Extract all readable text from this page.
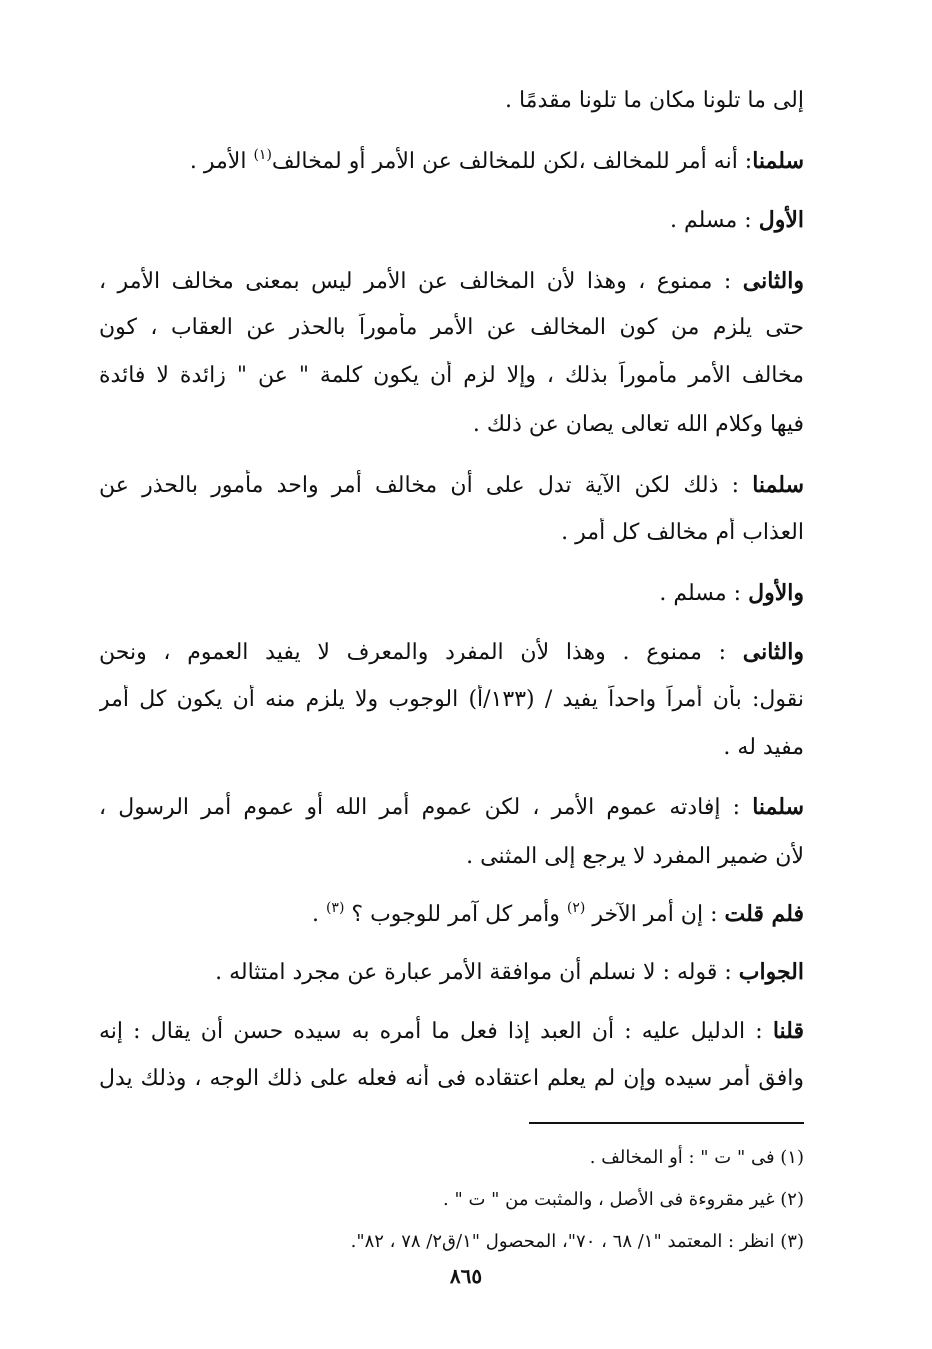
إلى ما تلونا مكان ما تلونا مقدمًا .
سلمنا: أنه أمر للمخالف ،لكن للمخالف عن الأمر أو لمخالف$^{(١)}$ الأمر .
الأول : مسلم .
والثانى : ممنوع ، وهذا لأن المخالف عن الأمر ليس بمعنى مخالف الأمر ،
حتى يلزم من كون المخالف عن الأمر مأموراً بالحذر عن العقاب ، كون
مخالف الأمر مأموراً بذلك ، وإلا لزم أن يكون كلمة " عن " زائدة لا فائدة
فيها وكلام الله تعالى يصان عن ذلك .
سلمنا : ذلك لكن الآية تدل على أن مخالف أمر واحد مأمور بالحذر عن
العذاب أم مخالف كل أمر .
والأول : مسلم .
والثانى : ممنوع . وهذا لأن المفرد والمعرف لا يفيد العموم ، ونحن
نقول: بأن أمراً واحداً يفيد / (١٣٣/أ) الوجوب ولا يلزم منه أن يكون كل أمر
مفيد له .
سلمنا : إفادته عموم الأمر ، لكن عموم أمر الله أو عموم أمر الرسول ،
لأن ضمير المفرد لا يرجع إلى المثنى .
فلم قلت : إن أمر الآخر $^{(٢)}$ وأمر كل آمر للوجوب ؟ $^{(٣)}$ .
الجواب : قوله : لا نسلم أن موافقة الأمر عبارة عن مجرد امتثاله .
قلنا : الدليل عليه : أن العبد إذا فعل ما أمره به سيده حسن أن يقال : إنه
وافق أمر سيده وإن لم يعلم اعتقاده فى أنه فعله على ذلك الوجه ، وذلك يدل
(١) فى " ت " : أو المخالف .
(٢) غير مقروءة فى الأصل ، والمثبت من " ت " .
(٣) انظر : المعتمد "١/ ٦٨ ، ٧٠"، المحصول "١/ق٢/ ٧٨ ، ٨٢".
٨٦٥
